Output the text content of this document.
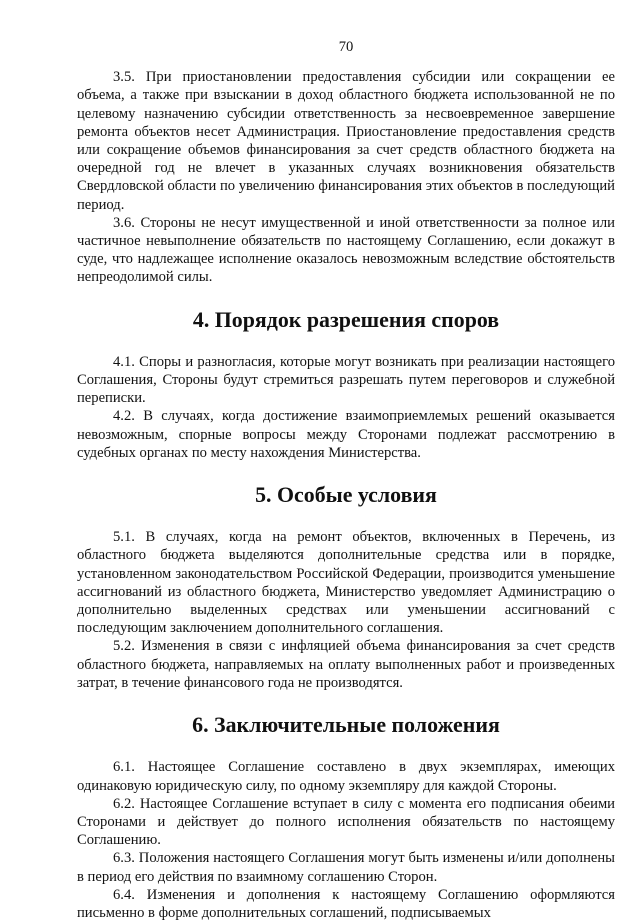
70

3.5. При приостановлении предоставления субсидии или сокращении ее объема, а также при взыскании в доход областного бюджета использованной не по целевому назначению субсидии ответственность за несвоевременное завершение ремонта объектов несет Администрация. Приостановление предоставления средств или сокращение объемов финансирования за счет средств областного бюджета на очередной год не влечет в указанных случаях возникновения обязательств Свердловской области по увеличению финансирования этих объектов в последующий период.

3.6. Стороны не несут имущественной и иной ответственности за полное или частичное невыполнение обязательств по настоящему Соглашению, если докажут в суде, что надлежащее исполнение оказалось невозможным вследствие обстоятельств непреодолимой силы.

4. Порядок разрешения споров

4.1. Споры и разногласия, которые могут возникать при реализации настоящего Соглашения, Стороны будут стремиться разрешать путем переговоров и служебной переписки.

4.2. В случаях, когда достижение взаимоприемлемых решений оказывается невозможным, спорные вопросы между Сторонами подлежат рассмотрению в судебных органах по месту нахождения Министерства.

5. Особые условия

5.1. В случаях, когда на ремонт объектов, включенных в Перечень, из областного бюджета выделяются дополнительные средства или в порядке, установленном законодательством Российской Федерации, производится уменьшение ассигнований из областного бюджета, Министерство уведомляет Администрацию о дополнительно выделенных средствах или уменьшении ассигнований с последующим заключением дополнительного соглашения.

5.2. Изменения в связи с инфляцией объема финансирования за счет средств областного бюджета, направляемых на оплату выполненных работ и произведенных затрат, в течение финансового года не производятся.

6. Заключительные положения

6.1. Настоящее Соглашение составлено в двух экземплярах, имеющих одинаковую юридическую силу, по одному экземпляру для каждой Стороны.

6.2. Настоящее Соглашение вступает в силу с момента его подписания обеими Сторонами и действует до полного исполнения обязательств по настоящему Соглашению.

6.3. Положения настоящего Соглашения могут быть изменены и/или дополнены в период его действия по взаимному соглашению Сторон.

6.4. Изменения и дополнения к настоящему Соглашению оформляются письменно в форме дополнительных соглашений, подписываемых
